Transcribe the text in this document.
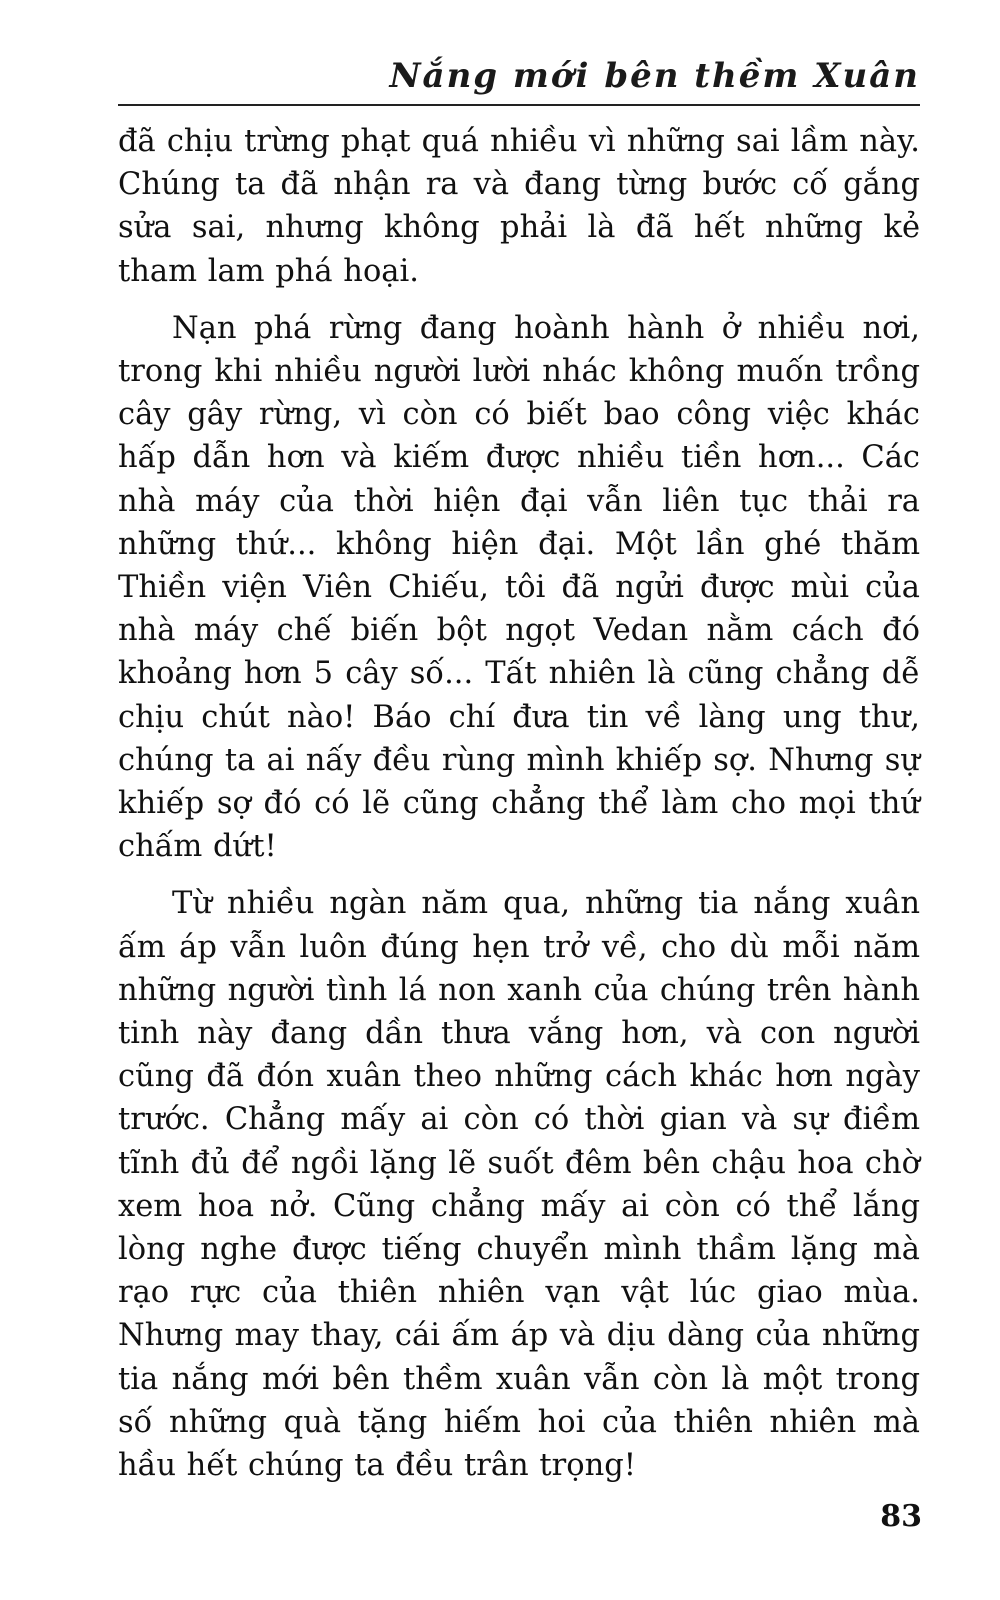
Nắng mới bên thềm Xuân

đã chịu trừng phạt quá nhiều vì những sai lầm này. Chúng ta đã nhận ra và đang từng bước cố gắng sửa sai, nhưng không phải là đã hết những kẻ tham lam phá hoại.

Nạn phá rừng đang hoành hành ở nhiều nơi, trong khi nhiều người lười nhác không muốn trồng cây gây rừng, vì còn có biết bao công việc khác hấp dẫn hơn và kiếm được nhiều tiền hơn... Các nhà máy của thời hiện đại vẫn liên tục thải ra những thứ... không hiện đại. Một lần ghé thăm Thiền viện Viên Chiếu, tôi đã ngửi được mùi của nhà máy chế biến bột ngọt Vedan nằm cách đó khoảng hơn 5 cây số... Tất nhiên là cũng chẳng dễ chịu chút nào! Báo chí đưa tin về làng ung thư, chúng ta ai nấy đều rùng mình khiếp sợ. Nhưng sự khiếp sợ đó có lẽ cũng chẳng thể làm cho mọi thứ chấm dứt!

Từ nhiều ngàn năm qua, những tia nắng xuân ấm áp vẫn luôn đúng hẹn trở về, cho dù mỗi năm những người tình lá non xanh của chúng trên hành tinh này đang dần thưa vắng hơn, và con người cũng đã đón xuân theo những cách khác hơn ngày trước. Chẳng mấy ai còn có thời gian và sự điềm tĩnh đủ để ngồi lặng lẽ suốt đêm bên chậu hoa chờ xem hoa nở. Cũng chẳng mấy ai còn có thể lắng lòng nghe được tiếng chuyển mình thầm lặng mà rạo rực của thiên nhiên vạn vật lúc giao mùa. Nhưng may thay, cái ấm áp và dịu dàng của những tia nắng mới bên thềm xuân vẫn còn là một trong số những quà tặng hiếm hoi của thiên nhiên mà hầu hết chúng ta đều trân trọng!

83
